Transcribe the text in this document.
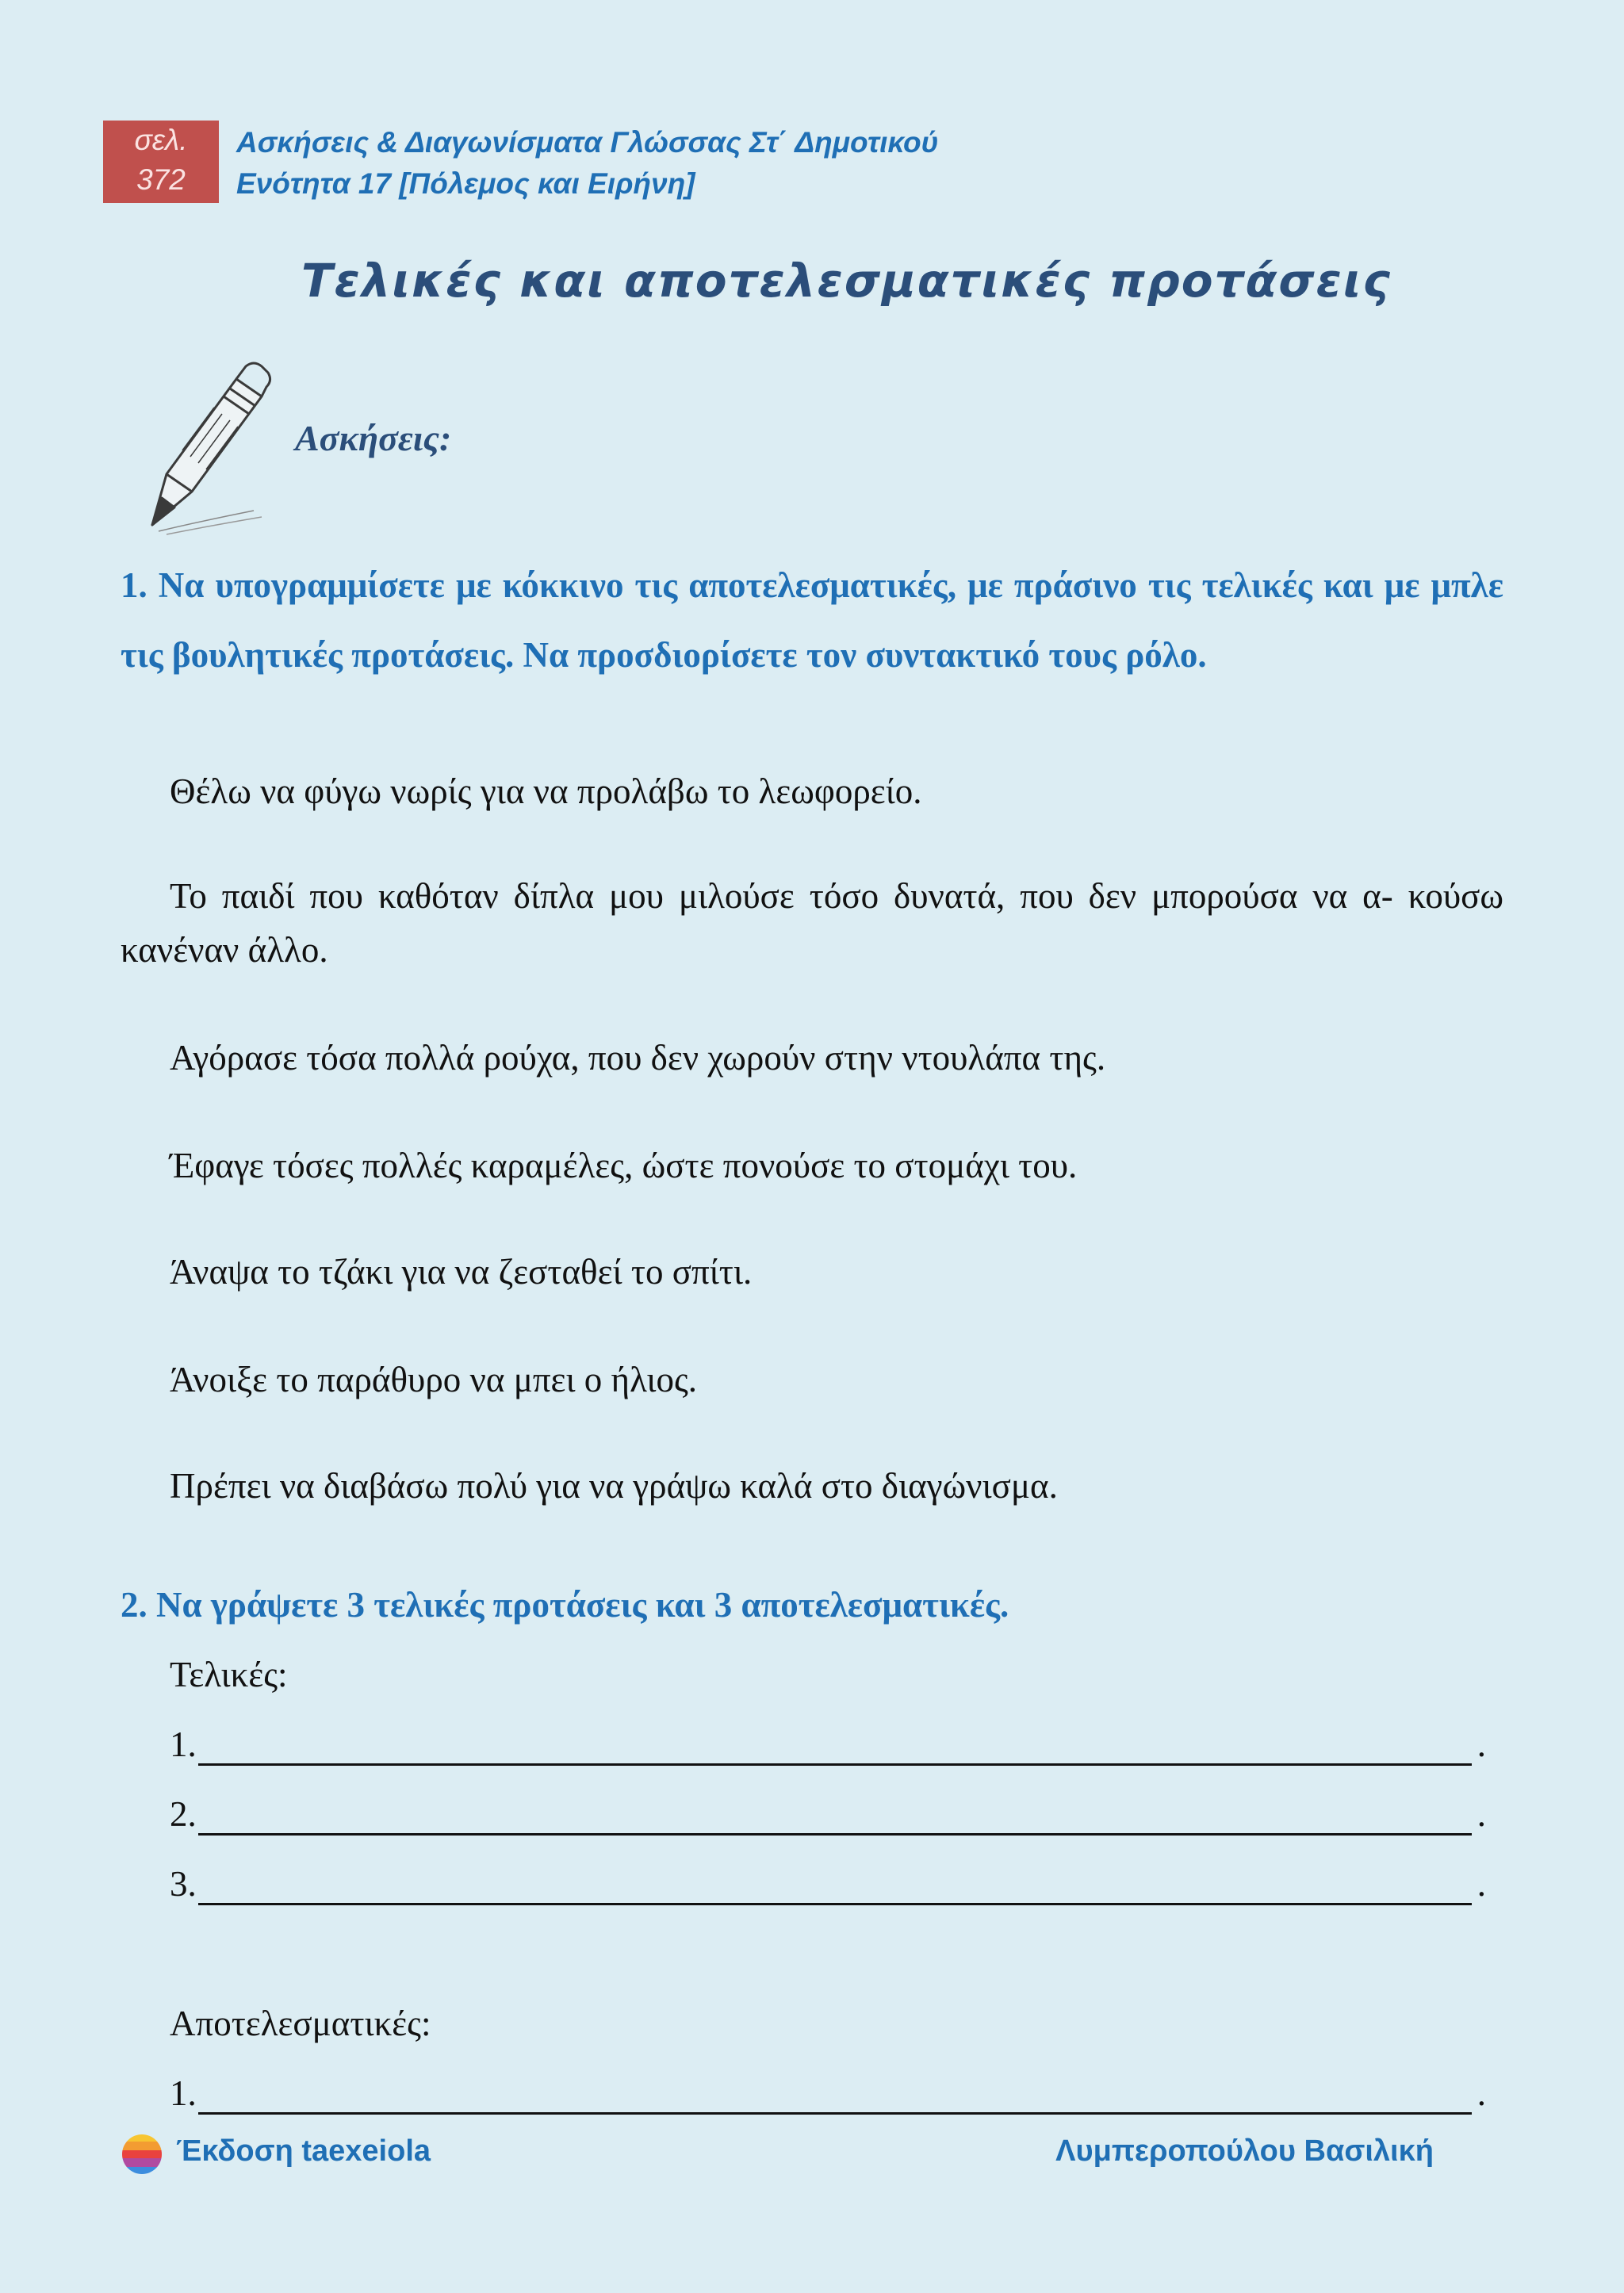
σελ.
372
Ασκήσεις & Διαγωνίσματα Γλώσσας Στ΄ Δημοτικού
Ενότητα 17 [Πόλεμος και Ειρήνη]
Τελικές και αποτελεσματικές προτάσεις
Ασκήσεις:
1. Να υπογραμμίσετε με κόκκινο τις αποτελεσματικές, με πράσινο τις τελικές και με μπλε τις βουλητικές προτάσεις. Να προσδιορίσετε τον συντακτικό τους ρόλο.
Θέλω να φύγω νωρίς για να προλάβω το λεωφορείο.
Το παιδί που καθόταν δίπλα μου μιλούσε τόσο δυνατά, που δεν μπορούσα να α- κούσω κανέναν άλλο.
Αγόρασε τόσα πολλά ρούχα, που δεν χωρούν στην ντουλάπα της.
Έφαγε τόσες πολλές καραμέλες, ώστε πονούσε το στομάχι του.
Άναψα το τζάκι για να ζεσταθεί το σπίτι.
Άνοιξε το παράθυρο να μπει ο ήλιος.
Πρέπει να διαβάσω πολύ για να γράψω καλά στο διαγώνισμα.
2. Να γράψετε 3 τελικές προτάσεις και 3 αποτελεσματικές.
Τελικές:
1.	.
2.	.
3.	.
Αποτελεσματικές:
1.	.
Έκδοση taexeiola	Λυμπεροπούλου Βασιλική
